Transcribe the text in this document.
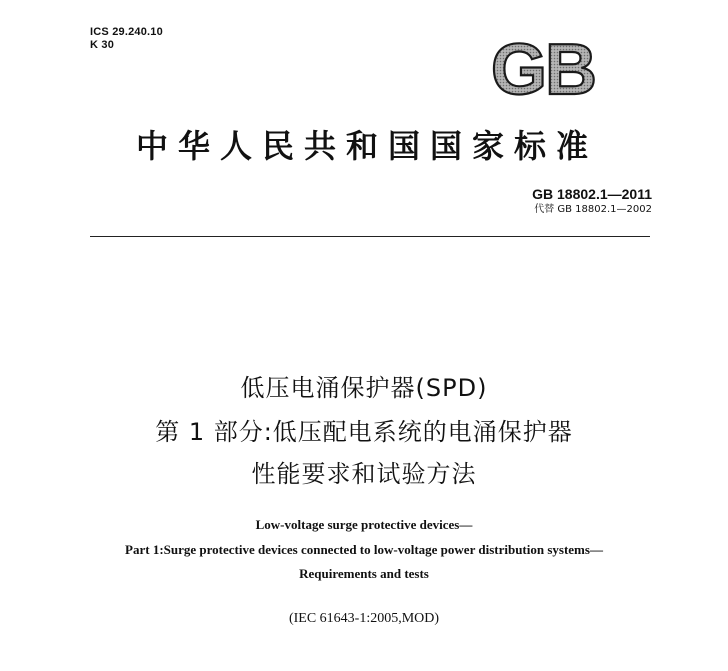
ICS 29.240.10
K 30	GB
中华人民共和国国家标准
GB 18802.1—2011
代替 GB 18802.1—2002
低压电涌保护器(SPD)
第 1 部分:低压配电系统的电涌保护器
性能要求和试验方法
Low-voltage surge protective devices—
Part 1:Surge protective devices connected to low-voltage power distribution systems—
Requirements and tests
(IEC 61643-1:2005,MOD)
